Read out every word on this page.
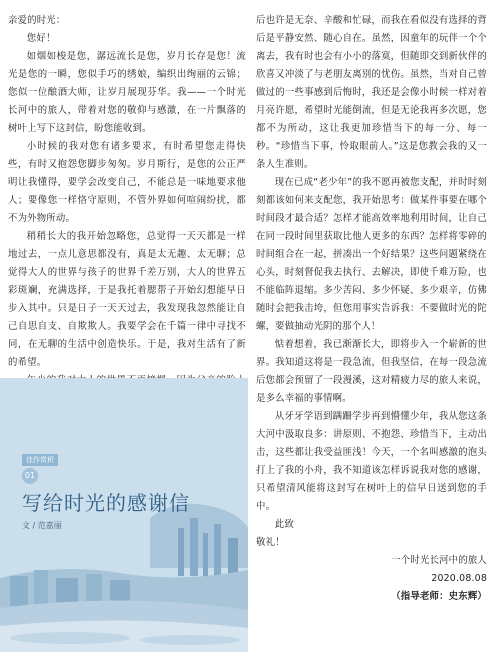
亲爱的时光：

您好！

如烟如梭是您，潺远流长是您，岁月长存是您！流光是您的一瞬，您似手巧的绣娘，编织出绚丽的云锦；您似一位酿酒大师，让岁月展现芬华。我——一个时光长河中的旅人，带着对您的敬仰与感激，在一片飘落的树叶上写下这封信，盼您能收到。

小时候的我对您有诸多要求，有时希望您走得快些，有时又抱怨您脚步匆匆。岁月斯行，是您的公正严明让我懂得，要学会改变自己，不能总是一味地要求他人；要像您一样恪守原则，不管外界如何喧闹纷扰，都不为外物所动。

稍稍长大的我开始忽略您，总觉得一天天都是一样地过去，一点儿意思都没有，真是太无趣、太无聊；总觉得大人的世界与孩子的世界千差万别，大人的世界五彩斑斓，充满选择，于是我托着腮帮子开始幻想能早日步入其中。只是日子一天天过去，我发现我忽然能让自己自思自支、自欺欺人。我要学会在千篇一律中寻找不同，在无聊的生活中创造快乐。于是，我对生活有了新的希望。

后也许是无奈、辛酸和忙碌，而我在看似没有选择的背后是平静安然、随心自在。虽然，因童年的玩伴一个个离去，我有时也会有小小的落寞，但随即交到新伙伴的欣喜又冲淡了与老朋友离别的忧伤。虽然，当对自己曾做过的一些事感到后悔时，我还是会像小时候一样对着月亮许愿，希望时光能倒流，但是无论我再多次愿，您都不为所动，这让我更加珍惜当下的每一分、每一秒。“珍惜当下事，怜取眼前人。”这是您教会我的又一条人生准则。

现在已成“老少年”的我不愿再被您支配，并时时刻刻都该如何来支配您，我开始思考：做某件事要在哪个时间段才最合适？怎样才能高效率地利用时间，让自己在同一段时间里获取比他人更多的东西？怎样将零碎的时间组合在一起，拼凑出一个好结果？这些问题紧绕在心头，时刻督促我去执行、去解决，即使千难万险，也不能临阵退缩。多少苦闷、多少怀疑、多少艰辛，仿佛随时会把我击垮，但您用事实告诉我：不要做时光的陀螺，要做抽动光阴的那个人！

惦着想着，我已渐渐长大，即将步入一个崭新的世界。我知道这将是一段急流，但我坚信，在每一段急流后您都会预留了一段漫溪，这对精疲力尽的旅人来说，是多么幸福的事情啊。

从牙牙学语到蹒跚学步再到懵懂少年，我从您这条大河中汲取良多：讲原则、不抱怨、珍惜当下，主动出击，这些都让我受益匪浅！今天，一个名叫感激的泡头打上了我的小舟，我不知道该怎样诉说我对您的感谢，只希望清风能将这封写在树叶上的信早日送到您的手中。

此致

敬礼！

一个时光长河中的旅人

2020.08.08

（指导老师：史东辉）

佳作赏析
01
写给时光的感谢信
文 / 范嘉丽
